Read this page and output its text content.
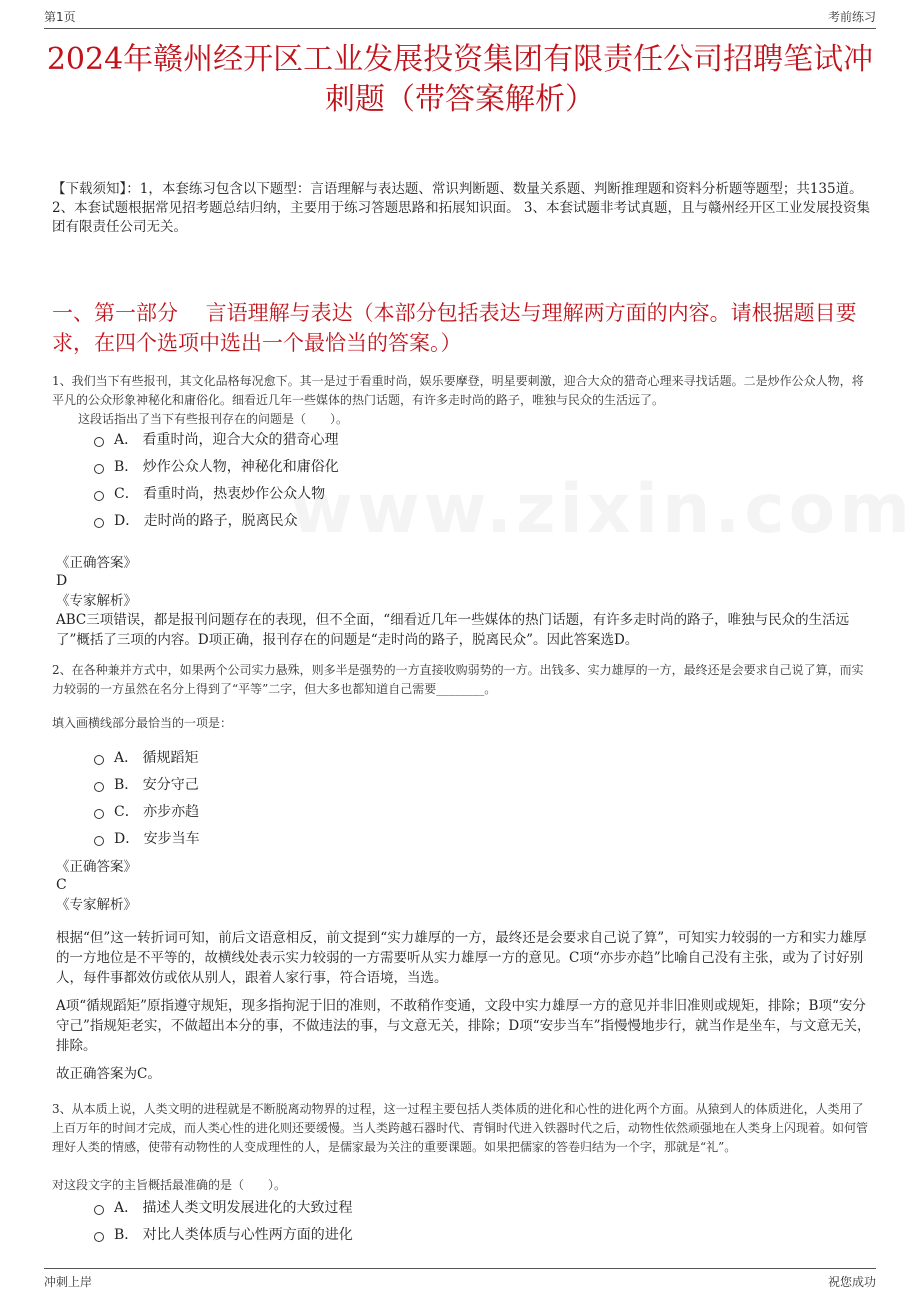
第1页	考前练习
2024年赣州经开区工业发展投资集团有限责任公司招聘笔试冲
刺题（带答案解析）

【下载须知】：1，本套练习包含以下题型：言语理解与表达题、常识判断题、数量关系题、判断推理题和资料分析题等题型；共135道。 2、本套试题根据常见招考题总结归纳，主要用于练习答题思路和拓展知识面。 3、本套试题非考试真题，且与赣州经开区工业发展投资集团有限责任公司无关。

一、第一部分　 言语理解与表达（本部分包括表达与理解两方面的内容。请根据题目要求，在四个选项中选出一个最恰当的答案。）

1、我们当下有些报刊，其文化品格每况愈下。其一是过于看重时尚，娱乐要摩登，明星要刺激，迎合大众的猎奇心理来寻找话题。二是炒作公众人物，将平凡的公众形象神秘化和庸俗化。细看近几年一些媒体的热门话题，有许多走时尚的路子，唯独与民众的生活远了。

这段话指出了当下有些报刊存在的问题是（　　）。

A． 看重时尚，迎合大众的猎奇心理
B． 炒作公众人物，神秘化和庸俗化
C． 看重时尚，热衷炒作公众人物
D． 走时尚的路子，脱离民众

《正确答案》

D

《专家解析》

ABC三项错误，都是报刊问题存在的表现，但不全面，“细看近几年一些媒体的热门话题，有许多走时尚的路子，唯独与民众的生活远了”概括了三项的内容。D项正确，报刊存在的问题是“走时尚的路子，脱离民众”。因此答案选D。

2、在各种兼并方式中，如果两个公司实力悬殊，则多半是强势的一方直接收购弱势的一方。出钱多、实力雄厚的一方，最终还是会要求自己说了算，而实力较弱的一方虽然在名分上得到了“平等”二字，但大多也都知道自己需要________。

填入画横线部分最恰当的一项是：

A． 循规蹈矩
B． 安分守己
C． 亦步亦趋
D． 安步当车

《正确答案》

C

《专家解析》

根据“但”这一转折词可知，前后文语意相反，前文提到“实力雄厚的一方，最终还是会要求自己说了算”，可知实力较弱的一方和实力雄厚的一方地位是不平等的，故横线处表示实力较弱的一方需要听从实力雄厚一方的意见。C项“亦步亦趋”比喻自己没有主张，或为了讨好别人，每件事都效仿或依从别人，跟着人家行事，符合语境，当选。

A项“循规蹈矩”原指遵守规矩，现多指拘泥于旧的准则，不敢稍作变通，文段中实力雄厚一方的意见并非旧准则或规矩，排除；B项“安分守己”指规矩老实，不做超出本分的事，不做违法的事，与文意无关，排除；D项“安步当车”指慢慢地步行，就当作是坐车，与文意无关，排除。

故正确答案为C。

3、从本质上说，人类文明的进程就是不断脱离动物界的过程，这一过程主要包括人类体质的进化和心性的进化两个方面。从猿到人的体质进化，人类用了上百万年的时间才完成，而人类心性的进化则还要缓慢。当人类跨越石器时代、青铜时代进入铁器时代之后，动物性依然顽强地在人类身上闪现着。如何管理好人类的情感，使带有动物性的人变成理性的人，是儒家最为关注的重要课题。如果把儒家的答卷归结为一个字，那就是“礼”。

对这段文字的主旨概括最准确的是（　　）。

A． 描述人类文明发展进化的大致过程
B． 对比人类体质与心性两方面的进化
冲刺上岸	祝您成功
